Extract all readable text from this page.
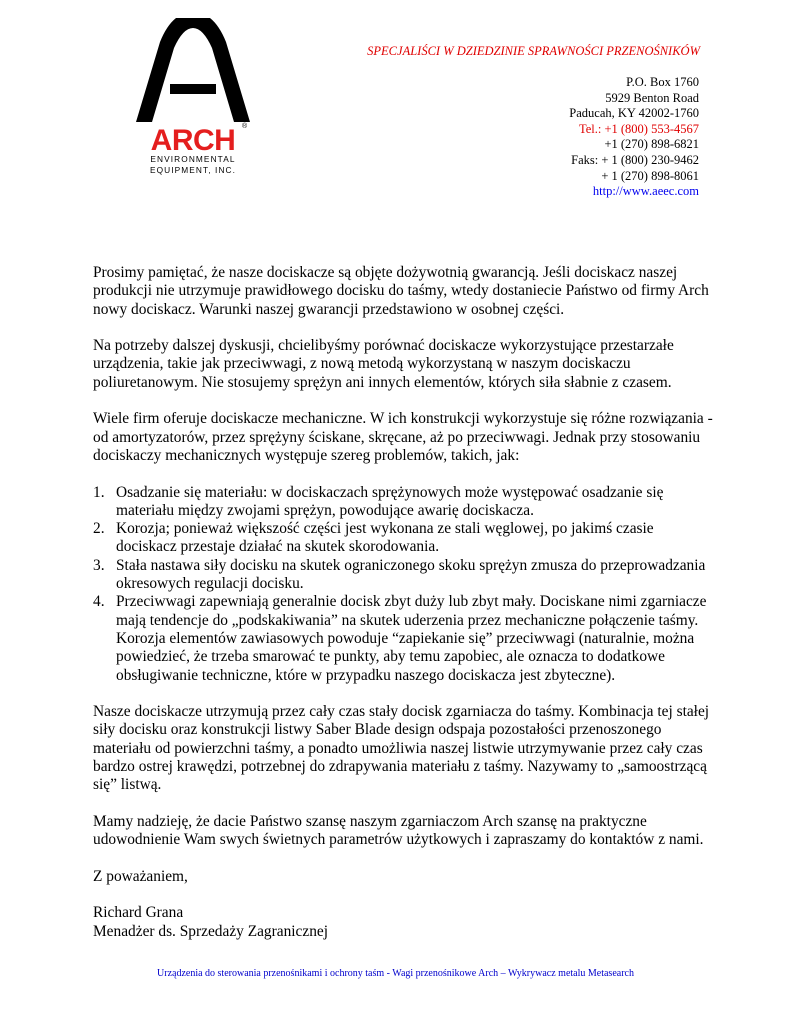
ARCH ®
ENVIRONMENTAL
EQUIPMENT, INC.
SPECJALIŚCI W DZIEDZINIE SPRAWNOŚCI PRZENOŚNIKÓW
P.O. Box 1760
5929 Benton Road
Paducah, KY 42002-1760
Tel.: +1 (800) 553-4567
+1 (270) 898-6821
Faks: + 1 (800) 230-9462
+ 1 (270) 898-8061
http://www.aeec.com

Prosimy pamiętać, że nasze dociskacze są objęte dożywotnią gwarancją. Jeśli dociskacz naszej produkcji nie utrzymuje prawidłowego docisku do taśmy, wtedy dostaniecie Państwo od firmy Arch nowy dociskacz. Warunki naszej gwarancji przedstawiono w osobnej części.

Na potrzeby dalszej dyskusji, chcielibyśmy porównać dociskacze wykorzystujące przestarzałe urządzenia, takie jak przeciwwagi, z nową metodą wykorzystaną w naszym dociskaczu poliuretanowym. Nie stosujemy sprężyn ani innych elementów, których siła słabnie z czasem.

Wiele firm oferuje dociskacze mechaniczne. W ich konstrukcji wykorzystuje się różne rozwiązania - od amortyzatorów, przez sprężyny ściskane, skręcane, aż po przeciwwagi. Jednak przy stosowaniu dociskaczy mechanicznych występuje szereg problemów, takich, jak:

1. Osadzanie się materiału: w dociskaczach sprężynowych może występować osadzanie się materiału między zwojami sprężyn, powodujące awarię dociskacza.
2. Korozja; ponieważ większość części jest wykonana ze stali węglowej, po jakimś czasie dociskacz przestaje działać na skutek skorodowania.
3. Stała nastawa siły docisku na skutek ograniczonego skoku sprężyn zmusza do przeprowadzania okresowych regulacji docisku.
4. Przeciwwagi zapewniają generalnie docisk zbyt duży lub zbyt mały. Dociskane nimi zgarniacze mają tendencje do „podskakiwania” na skutek uderzenia przez mechaniczne połączenie taśmy. Korozja elementów zawiasowych powoduje “zapiekanie się” przeciwwagi (naturalnie, można powiedzieć, że trzeba smarować te punkty, aby temu zapobiec, ale oznacza to dodatkowe obsługiwanie techniczne, które w przypadku naszego dociskacza jest zbyteczne).

Nasze dociskacze utrzymują przez cały czas stały docisk zgarniacza do taśmy. Kombinacja tej stałej siły docisku oraz konstrukcji listwy Saber Blade design odspaja pozostałości przenoszonego materiału od powierzchni taśmy, a ponadto umożliwia naszej listwie utrzymywanie przez cały czas bardzo ostrej krawędzi, potrzebnej do zdrapywania materiału z taśmy. Nazywamy to „samoostrzącą się” listwą.

Mamy nadzieję, że dacie Państwo szansę naszym zgarniaczom Arch szansę na praktyczne udowodnienie Wam swych świetnych parametrów użytkowych i zapraszamy do kontaktów z nami.

Z poważaniem,

Richard Grana

Menadżer ds. Sprzedaży Zagranicznej

Urządzenia do sterowania przenośnikami i ochrony taśm - Wagi przenośnikowe Arch – Wykrywacz metalu Metasearch
